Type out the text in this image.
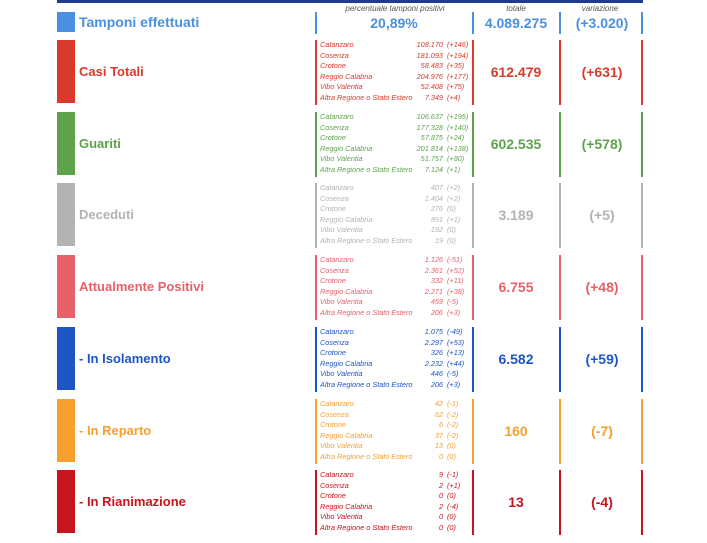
percentuale tamponi positivi	totale	variazione
Tamponi effettuati	20,89%	4.089.275	(+3.020)
Casi Totali
Catanzaro	108.170 (+146)
Cosenza	181.093 (+194)
Crotone	58.483 (+35)
Reggio Calabria	204.976 (+177)
Vibo Valentia	52.408 (+75)
Altra Regione o Stato Estero	7.349 (+4)
612.479	(+631)
Guariti
Catanzaro	106.637 (+195)
Cosenza	177.328 (+140)
Crotone	57.875 (+24)
Reggio Calabria	201.814 (+138)
Vibo Valentia	51.757 (+80)
Altra Regione o Stato Estero	7.124 (+1)
602.535	(+578)
Deceduti
Catanzaro	407 (+2)
Cosenza	1.404 (+2)
Crotone	276 (0)
Reggio Calabria	891 (+1)
Vibo Valentia	192 (0)
Altra Regione o Stato Estero	19 (0)
3.189	(+5)
Attualmente Positivi
Catanzaro	1.126 (-51)
Cosenza	2.361 (+52)
Crotone	332 (+11)
Reggio Calabria	2.271 (+38)
Vibo Valentia	459 (-5)
Altra Regione o Stato Estero	206 (+3)
6.755	(+48)
- In Isolamento
Catanzaro	1.075 (-49)
Cosenza	2.297 (+53)
Crotone	326 (+13)
Reggio Calabria	2.232 (+44)
Vibo Valentia	446 (-5)
Altra Regione o Stato Estero	206 (+3)
6.582	(+59)
- In Reparto
Catanzaro	42 (-1)
Cosenza	62 (-2)
Crotone	6 (-2)
Reggio Calabria	37 (-2)
Vibo Valentia	13 (0)
Altra Regione o Stato Estero	0 (0)
160	(-7)
- In Rianimazione
Catanzaro	9 (-1)
Cosenza	2 (+1)
Crotone	0 (0)
Reggio Calabria	2 (-4)
Vibo Valentia	0 (0)
Altra Regione o Stato Estero	0 (0)
13	(-4)
